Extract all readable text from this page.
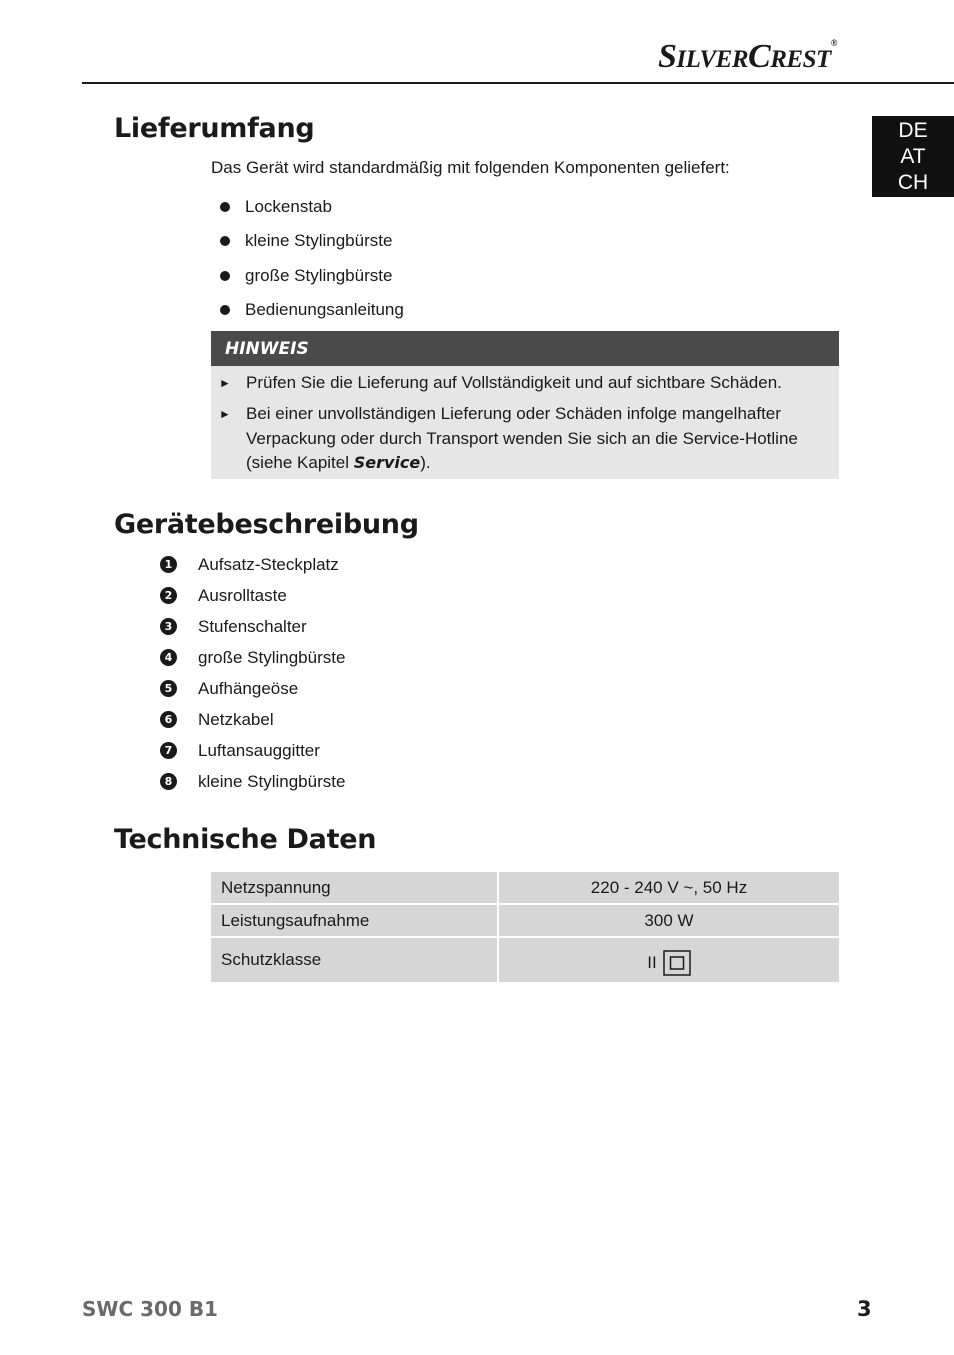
SILVERCREST®
DE
AT
CH
Lieferumfang
Das Gerät wird standardmäßig mit folgenden Komponenten geliefert:
Lockenstab
kleine Stylingbürste
große Stylingbürste
Bedienungsanleitung
HINWEIS
► Prüfen Sie die Lieferung auf Vollständigkeit und auf sichtbare Schäden.
► Bei einer unvollständigen Lieferung oder Schäden infolge mangelhafter Verpackung oder durch Transport wenden Sie sich an die Service-Hotline (siehe Kapitel Service).
Gerätebeschreibung
1 Aufsatz-Steckplatz
2 Ausrolltaste
3 Stufenschalter
4 große Stylingbürste
5 Aufhängeöse
6 Netzkabel
7 Luftansauggitter
8 kleine Stylingbürste
Technische Daten
Netzspannung	220 - 240 V ~, 50 Hz
Leistungsaufnahme	300 W
Schutzklasse	II
SWC 300 B1	3
